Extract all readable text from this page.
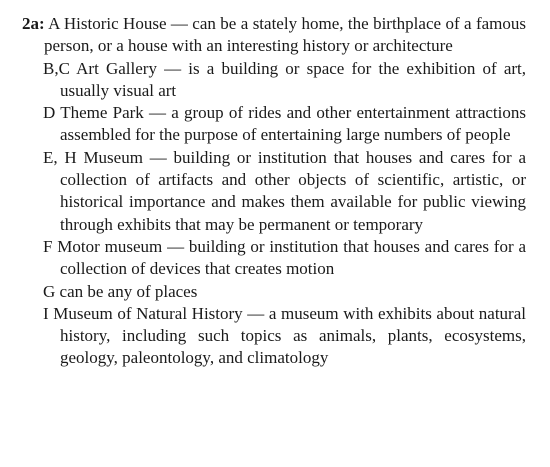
2a: A Historic House — can be a stately home, the birthplace of a famous person, or a house with an interesting history or architecture

B,C Art Gallery — is a building or space for the exhibition of art, usually visual art

D Theme Park — a group of rides and other entertainment attractions assembled for the purpose of entertaining large numbers of people

E, H Museum — building or institution that houses and cares for a collection of artifacts and other objects of scientific, artistic, or historical importance and makes them available for public viewing through exhibits that may be permanent or temporary

F Motor museum — building or institution that houses and cares for a collection of devices that creates motion

G can be any of places

I Museum of Natural History — a museum with exhibits about natural history, including such topics as animals, plants, ecosystems, geology, paleontology, and climatology
